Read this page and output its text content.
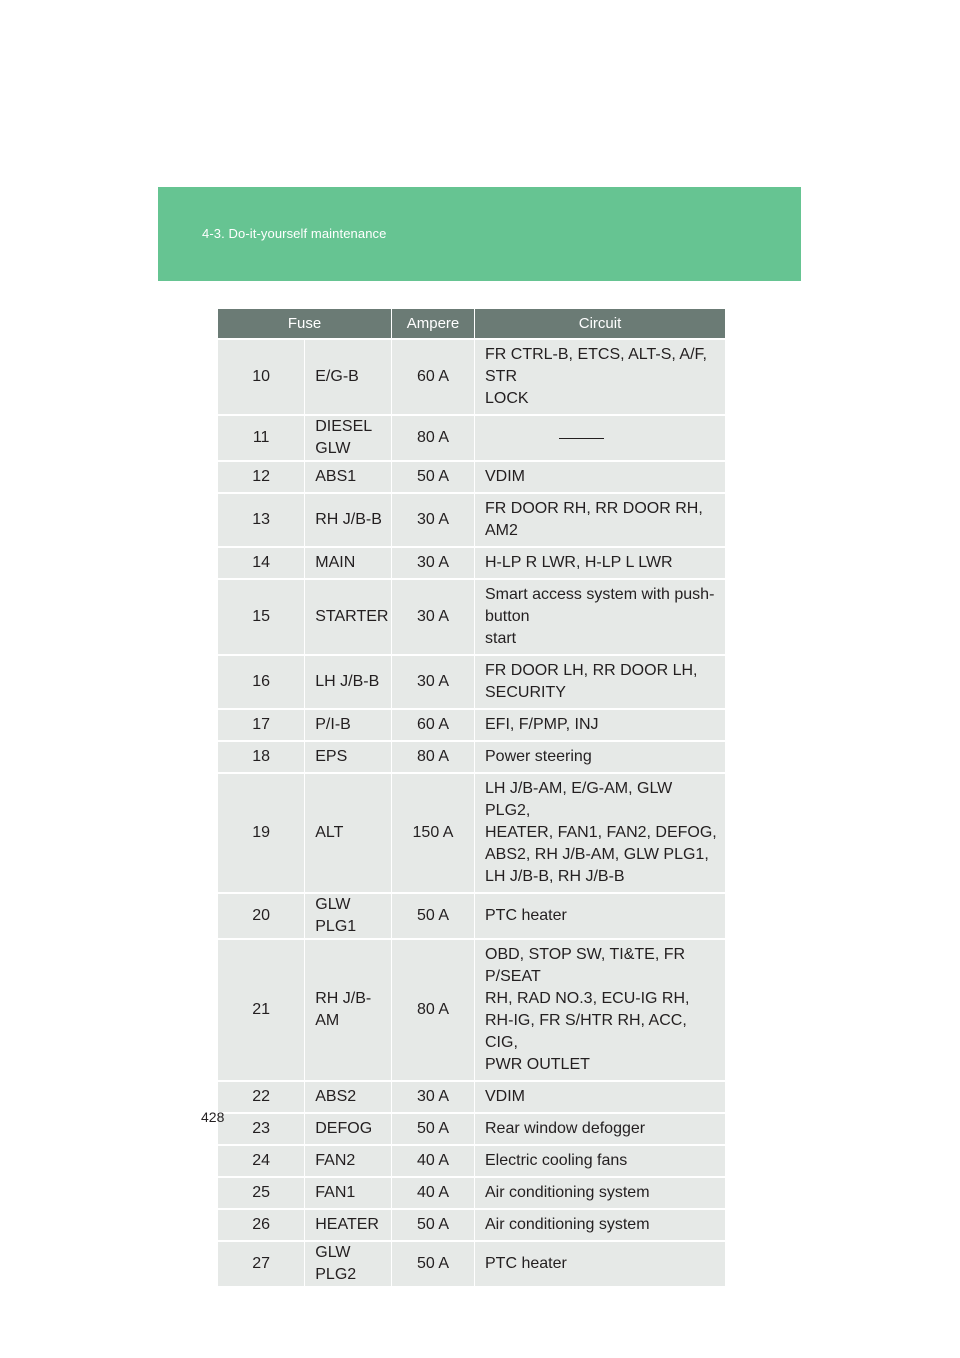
4-3. Do-it-yourself maintenance
Fuse		Ampere	Circuit
10	E/G-B	60 A	FR CTRL-B, ETCS, ALT-S, A/F, STR
LOCK

11	DIESEL GLW	80 A	

12	ABS1	50 A	VDIM

13	RH J/B-B	30 A	FR DOOR RH, RR DOOR RH, AM2

14	MAIN	30 A	H-LP R LWR, H-LP L LWR

15	STARTER	30 A	Smart access system with push-button
start

16	LH J/B-B	30 A	FR DOOR LH, RR DOOR LH,
SECURITY

17	P/I-B	60 A	EFI, F/PMP, INJ

18	EPS	80 A	Power steering

19	ALT	150 A	LH J/B-AM, E/G-AM, GLW PLG2,
HEATER, FAN1, FAN2, DEFOG,
ABS2, RH J/B-AM, GLW PLG1,
LH J/B-B, RH J/B-B

20	GLW PLG1	50 A	PTC heater

21	RH J/B-AM	80 A	OBD, STOP SW, TI&TE, FR P/SEAT
RH, RAD NO.3, ECU-IG RH,
RH-IG, FR S/HTR RH, ACC, CIG,
PWR OUTLET

22	ABS2	30 A	VDIM

23	DEFOG	50 A	Rear window defogger

24	FAN2	40 A	Electric cooling fans

25	FAN1	40 A	Air conditioning system

26	HEATER	50 A	Air conditioning system

27	GLW PLG2	50 A	PTC heater
428
